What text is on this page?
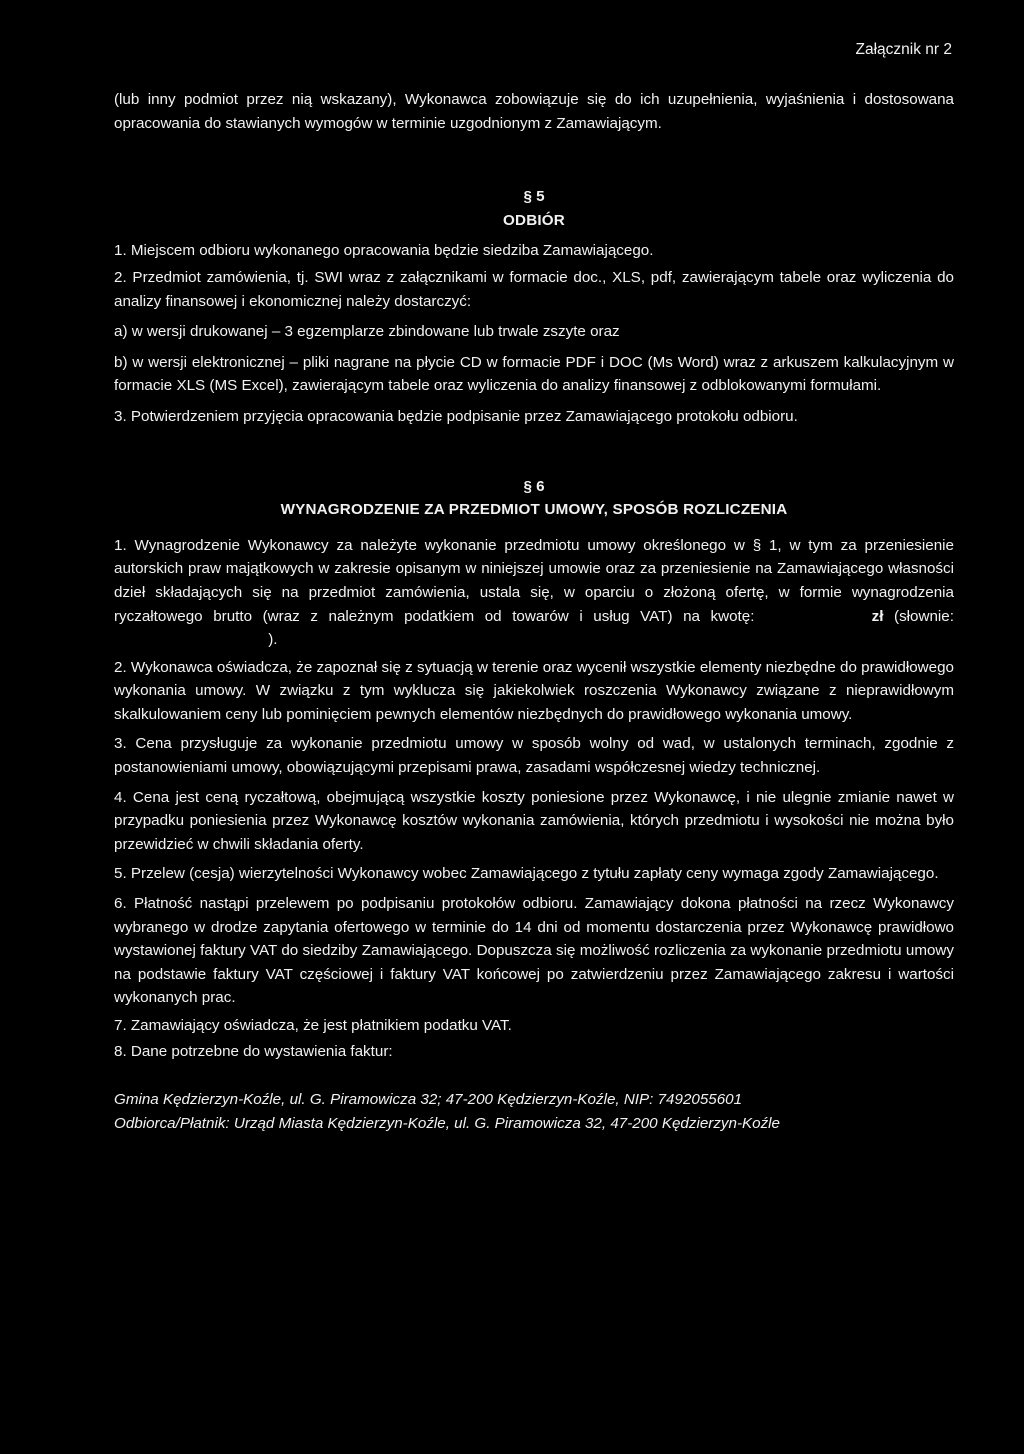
Załącznik nr 2

(lub inny podmiot przez nią wskazany), Wykonawca zobowiązuje się do ich uzupełnienia, wyjaśnienia i dostosowana opracowania do stawianych wymogów w terminie uzgodnionym z Zamawiającym.

§ 5

ODBIÓR

1. Miejscem odbioru wykonanego opracowania będzie siedziba Zamawiającego.

2. Przedmiot zamówienia, tj. SWI wraz z załącznikami w formacie doc., XLS, pdf, zawierającym tabele oraz wyliczenia do analizy finansowej i ekonomicznej należy dostarczyć:

a) w wersji drukowanej – 3 egzemplarze zbindowane lub trwale zszyte oraz

b) w wersji elektronicznej – pliki nagrane na płycie CD w formacie PDF i DOC (Ms Word) wraz z arkuszem kalkulacyjnym w formacie XLS (MS Excel), zawierającym tabele oraz wyliczenia do analizy finansowej z odblokowanymi formułami.

3. Potwierdzeniem przyjęcia opracowania będzie podpisanie przez Zamawiającego protokołu odbioru.

§ 6

WYNAGRODZENIE ZA PRZEDMIOT UMOWY, SPOSÓB ROZLICZENIA

1. Wynagrodzenie Wykonawcy za należyte wykonanie przedmiotu umowy określonego w § 1, w tym za przeniesienie autorskich praw majątkowych w zakresie opisanym w niniejszej umowie oraz za przeniesienie na Zamawiającego własności dzieł składających się na przedmiot zamówienia, ustala się, w oparciu o złożoną ofertę, w formie wynagrodzenia ryczałtowego brutto (wraz z należnym podatkiem od towarów i usług VAT) na kwotę:	zł (słownie:  ).

2. Wykonawca oświadcza, że zapoznał się z sytuacją w terenie oraz wycenił wszystkie elementy niezbędne do prawidłowego wykonania umowy. W związku z tym wyklucza się jakiekolwiek roszczenia Wykonawcy związane z nieprawidłowym skalkulowaniem ceny lub pominięciem pewnych elementów niezbędnych do prawidłowego wykonania umowy.

3. Cena przysługuje za wykonanie przedmiotu umowy w sposób wolny od wad, w ustalonych terminach, zgodnie z postanowieniami umowy, obowiązującymi przepisami prawa, zasadami współczesnej wiedzy technicznej.

4. Cena jest ceną ryczałtową, obejmującą wszystkie koszty poniesione przez Wykonawcę, i nie ulegnie zmianie nawet w przypadku poniesienia przez Wykonawcę kosztów wykonania zamówienia, których przedmiotu i wysokości nie można było przewidzieć w chwili składania oferty.

5. Przelew (cesja) wierzytelności Wykonawcy wobec Zamawiającego z tytułu zapłaty ceny wymaga zgody Zamawiającego.

6. Płatność nastąpi przelewem po podpisaniu protokołów odbioru. Zamawiający dokona płatności na rzecz Wykonawcy wybranego w drodze zapytania ofertowego w terminie do 14 dni od momentu dostarczenia przez Wykonawcę prawidłowo wystawionej faktury VAT do siedziby Zamawiającego. Dopuszcza się możliwość rozliczenia za wykonanie przedmiotu umowy na podstawie faktury VAT częściowej i faktury VAT końcowej po zatwierdzeniu przez Zamawiającego zakresu i wartości wykonanych prac.

7. Zamawiający oświadcza, że jest płatnikiem podatku VAT.

8. Dane potrzebne do wystawienia faktur:

Gmina Kędzierzyn-Koźle, ul. G. Piramowicza 32; 47-200 Kędzierzyn-Koźle, NIP: 7492055601
Odbiorca/Płatnik: Urząd Miasta Kędzierzyn-Koźle, ul. G. Piramowicza 32, 47-200 Kędzierzyn-Koźle
